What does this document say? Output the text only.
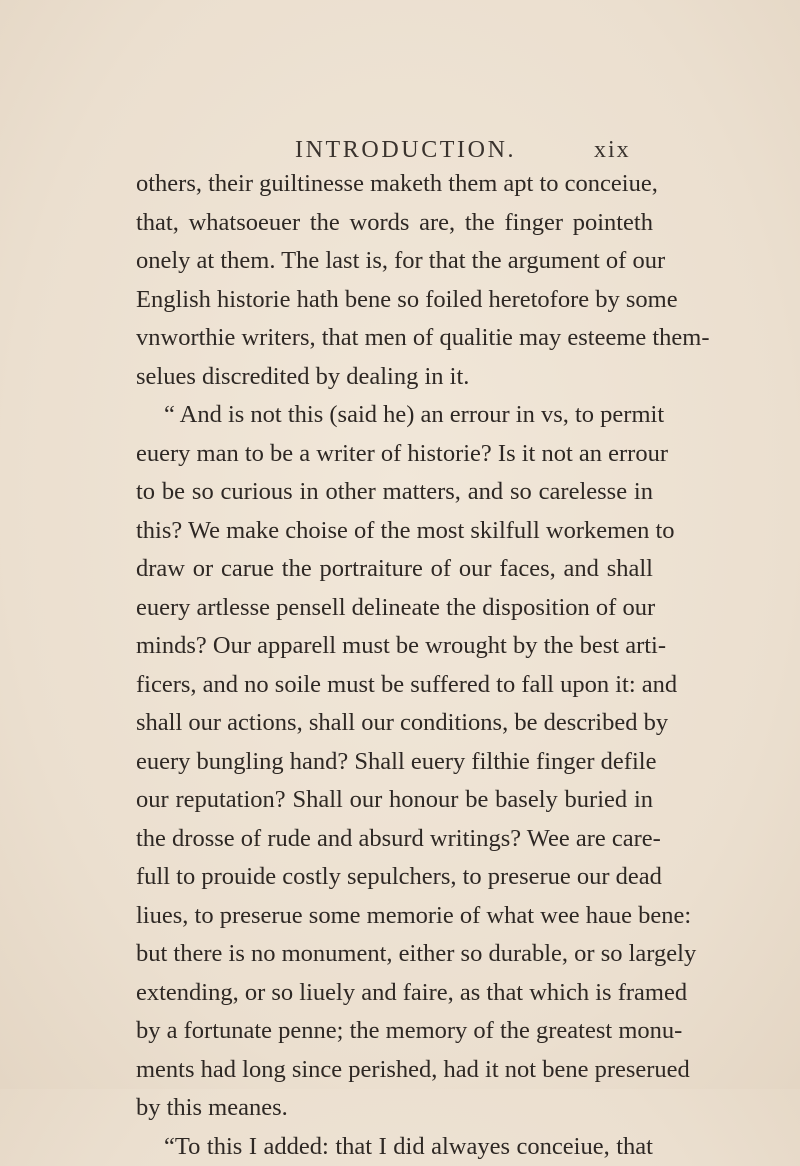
INTRODUCTION.	xix
others, their guiltinesse maketh them apt to conceiue,
that, whatsoeuer the words are, the finger pointeth
onely at them. The last is, for that the argument of our
English historie hath bene so foiled heretofore by some
vnworthie writers, that men of qualitie may esteeme them-
selues discredited by dealing in it.
“ And is not this (said he) an errour in vs, to permit
euery man to be a writer of historie? Is it not an errour
to be so curious in other matters, and so carelesse in
this? We make choise of the most skilfull workemen to
draw or carue the portraiture of our faces, and shall
euery artlesse pensell delineate the disposition of our
minds? Our apparell must be wrought by the best arti-
ficers, and no soile must be suffered to fall upon it: and
shall our actions, shall our conditions, be described by
euery bungling hand? Shall euery filthie finger defile
our reputation? Shall our honour be basely buried in
the drosse of rude and absurd writings? Wee are care-
full to prouide costly sepulchers, to preserue our dead
liues, to preserue some memorie of what wee haue bene:
but there is no monument, either so durable, or so largely
extending, or so liuely and faire, as that which is framed
by a fortunate penne; the memory of the greatest monu-
ments had long since perished, had it not bene preserued
by this meanes.
“To this I added: that I did alwayes conceiue, that
